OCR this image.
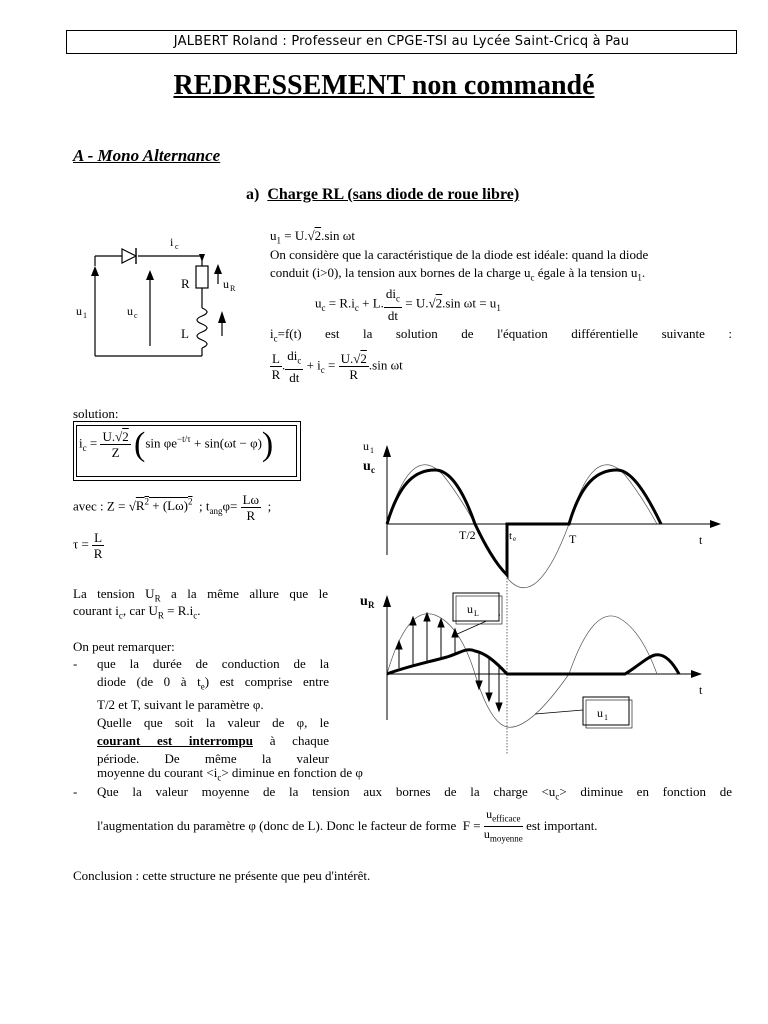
JALBERT Roland : Professeur en CPGE-TSI au Lycée Saint-Cricq à Pau
REDRESSEMENT non commandé
A - Mono Alternance
a) Charge RL (sans diode de roue libre)
i c
R	u R
L
u 1	u c
$u_1 = U.√2.\sin$ ωt
On considère que la caractéristique de la diode est idéale: quand la diode
conduit (i>0), la tension aux bornes de la charge $u_c$ égale à la tension $u_1$.
$u_c = R.i_c + L$. $\frac{di_c}{dt} = U.√2.\sin$ $\omega t = u_1$
$i_c=f(t)$ est la solution de l'équation différentielle suivante :
$\frac{L}{R}$ . $\frac{di_c}{dt} + i_c = \frac{U.√2}{R} .\sin$ ωt
solution:
$i_c = \frac{U.√2}{Z} (\sin$ $\varphi e^{-t/\tau} + \sin(\omega t - \varphi)$)
avec : $Z = √R^2 + (L\omega)^2$  ; $t_{ang}\varphi= \frac{L\omega}{R}$ ;
$\tau = \frac{L}{R}$
La tension $U_R$ a la même allure que le
courant $i_c$, car $U_R = R.i_c$.
On peut remarquer:
- que la durée de conduction de la
diode (de 0 à $t_e$) est comprise entre
T/2 et T, suivant le paramètre φ.
Quelle que soit la valeur de φ, le
courant est interrompu à chaque
période. De même la valeur
moyenne du courant $<i_c>$ diminue en fonction de φ
- Que la valeur moyenne de la tension aux bornes de la charge $<u_c>$ diminue en fonction de
l'augmentation du paramètre φ (donc de L). Donc le facteur de forme  $F = \frac{u_{efficace}}{u_{moyenne}}$ est important.
Conclusion : cette structure ne présente que peu d'intérêt.
u 1
u c
T/2	t e	T	t
u R
t
u L
u 1
